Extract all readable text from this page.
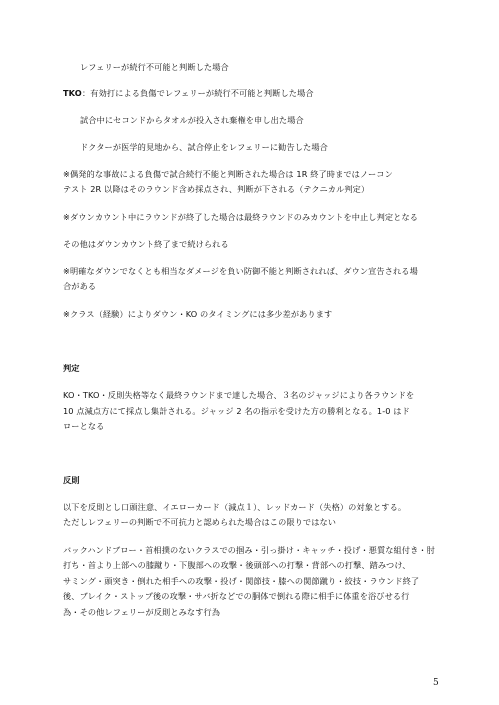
レフェリーが続行不可能と判断した場合
TKO ：有効打による負傷でレフェリーが続行不可能と判断した場合
試合中にセコンドからタオルが投入され棄権を申し出た場合
ドクターが医学的見地から、試合停止をレフェリーに勧告した場合
※偶発的な事故による負傷で試合続行不能と判断された場合は 1R 終了時まではノーコン
テスト 2R 以降はそのラウンド含め採点され、判断が下される（テクニカル判定）
※ダウンカウント中にラウンドが終了した場合は最終ラウンドのみカウントを中止し判定となる
その他はダウンカウント終了まで続けられる
※明確なダウンでなくとも相当なダメージを負い防御不能と判断されれば、ダウン宣告される場
合がある
※クラス（経験）によりダウン・KO のタイミングには多少差があります
判定
KO・TKO・反則失格等なく最終ラウンドまで達した場合、３名のジャッジにより各ラウンドを
10 点減点方にて採点し集計される。ジャッジ 2 名の指示を受けた方の勝利となる。1-0 はド
ローとなる
反則
以下を反則とし口頭注意、イエローカード（減点１）、レッドカード（失格）の対象とする。
ただしレフェリーの判断で不可抗力と認められた場合はこの限りではない
バックハンドブロー・首相撲のないクラスでの掴み・引っ掛け・キャッチ・投げ・悪質な組付き・肘
打ち・首より上部への膝蹴り・下腹部への攻撃・後頭部への打撃・背部への打撃、踏みつけ、
サミング・頭突き・倒れた相手への攻撃・投げ・関節技・膝への関節蹴り・絞技・ラウンド終了
後、ブレイク・ストップ後の攻撃・サバ折などでの胴体で倒れる際に相手に体重を浴びせる行
為・その他レフェリーが反則とみなす行為
5
